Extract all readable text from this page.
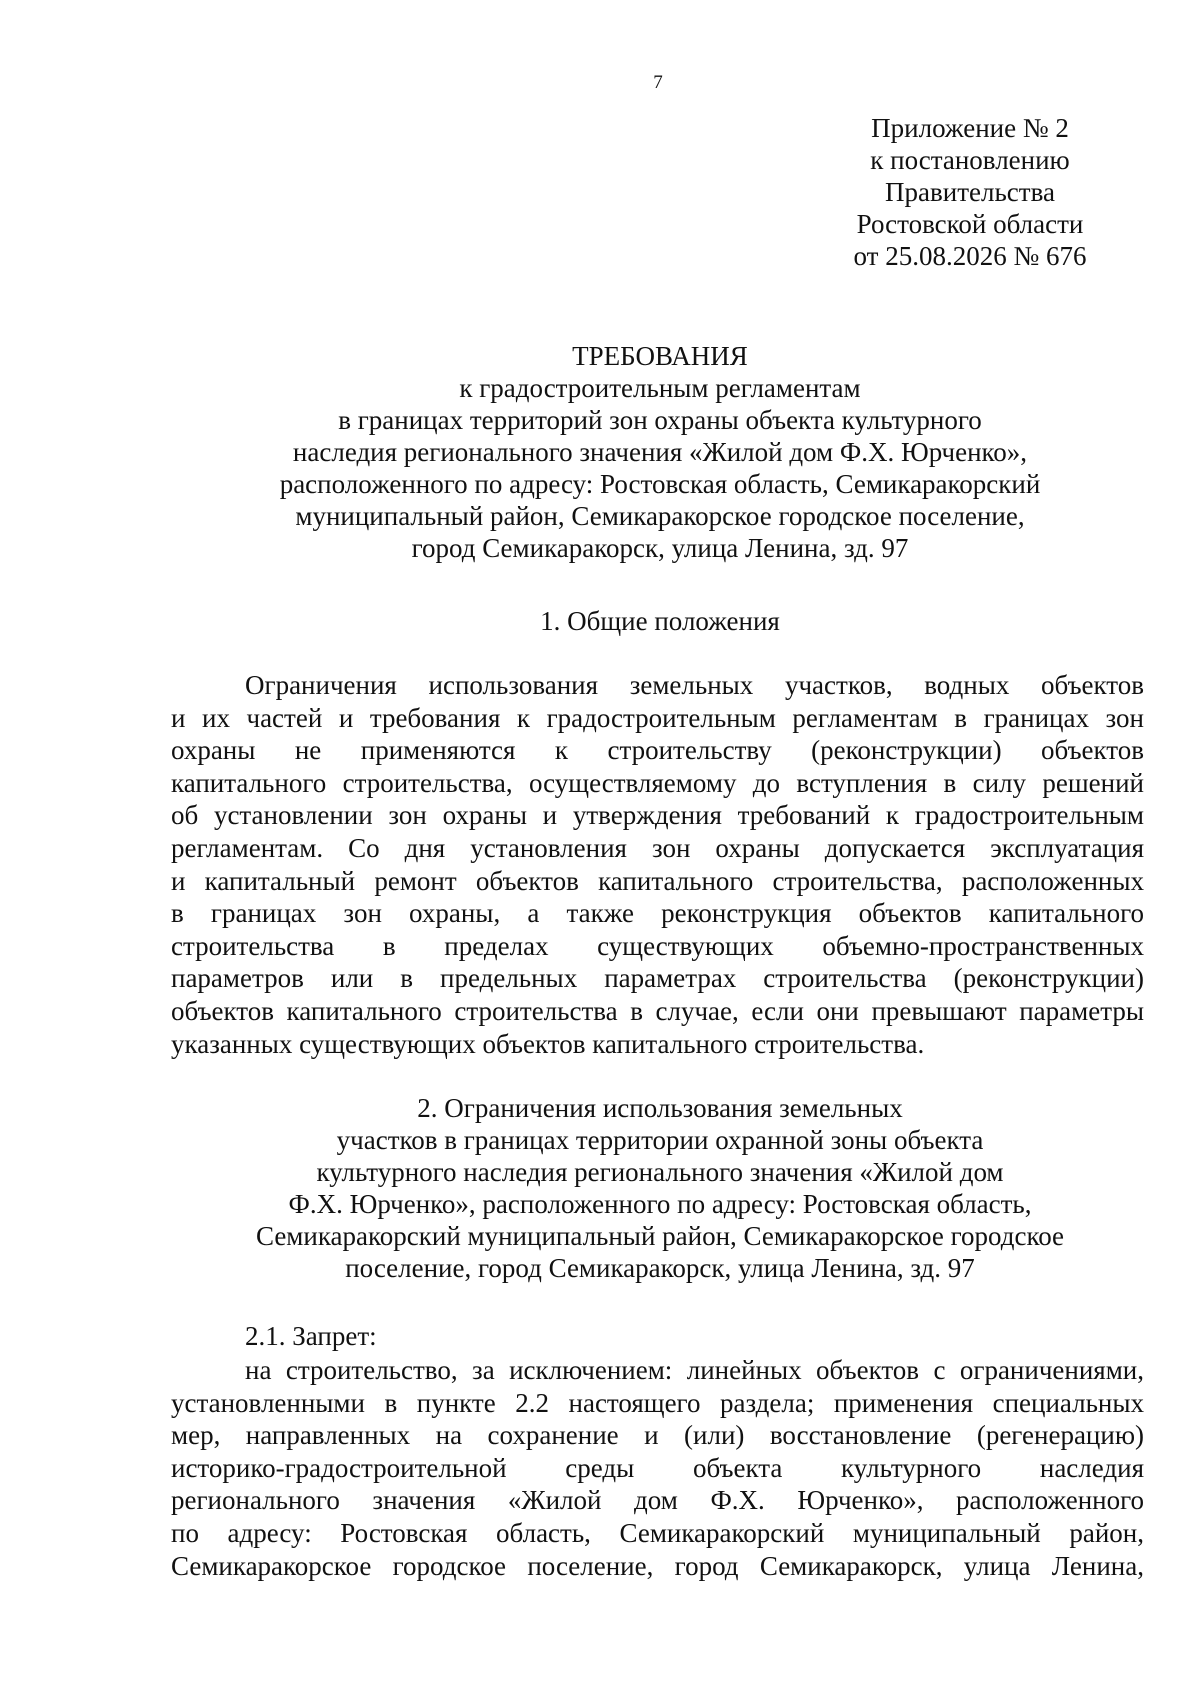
7
Приложение № 2
к постановлению
Правительства
Ростовской области
от 25.08.2026 № 676
ТРЕБОВАНИЯ
к градостроительным регламентам
в границах территорий зон охраны объекта культурного
наследия регионального значения «Жилой дом Ф.Х. Юрченко»,
расположенного по адресу: Ростовская область, Семикаракорский
муниципальный район, Семикаракорское городское поселение,
город Семикаракорск, улица Ленина, зд. 97
1. Общие положения
Ограничения использования земельных участков, водных объектов
и их частей и требования к градостроительным регламентам в границах зон
охраны не применяются к строительству (реконструкции) объектов
капитального строительства, осуществляемому до вступления в силу решений
об установлении зон охраны и утверждения требований к градостроительным
регламентам. Со дня установления зон охраны допускается эксплуатация
и капитальный ремонт объектов капитального строительства, расположенных
в границах зон охраны, а также реконструкция объектов капитального
строительства в пределах существующих объемно-пространственных
параметров или в предельных параметрах строительства (реконструкции)
объектов капитального строительства в случае, если они превышают параметры
указанных существующих объектов капитального строительства.
2. Ограничения использования земельных
участков в границах территории охранной зоны объекта
культурного наследия регионального значения «Жилой дом
Ф.Х. Юрченко», расположенного по адресу: Ростовская область,
Семикаракорский муниципальный район, Семикаракорское городское
поселение, город Семикаракорск, улица Ленина, зд. 97
2.1. Запрет:
на строительство, за исключением: линейных объектов с ограничениями,
установленными в пункте 2.2 настоящего раздела; применения специальных
мер, направленных на сохранение и (или) восстановление (регенерацию)
историко-градостроительной среды объекта культурного наследия
регионального значения «Жилой дом Ф.Х. Юрченко», расположенного
по адресу: Ростовская область, Семикаракорский муниципальный район,
Семикаракорское городское поселение, город Семикаракорск, улица Ленина,
